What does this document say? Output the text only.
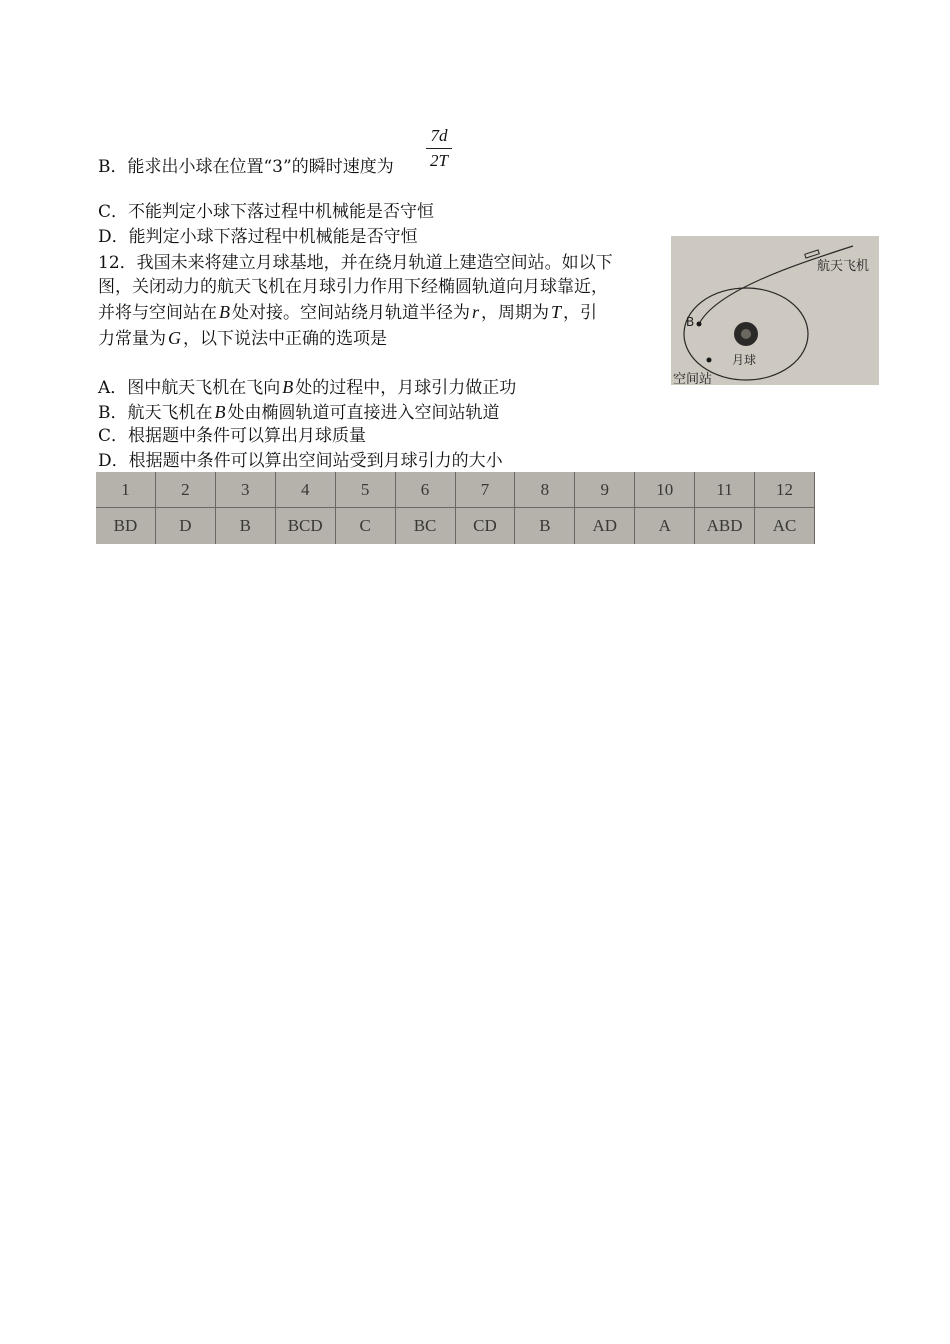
7d
2T
B．能求出小球在位置“3”的瞬时速度为
C．不能判定小球下落过程中机械能是否守恒
D．能判定小球下落过程中机械能是否守恒
12．我国未来将建立月球基地，并在绕月轨道上建造空间站。如以下
图，关闭动力的航天飞机在月球引力作用下经椭圆轨道向月球靠近，
并将与空间站在 B 处对接。空间站绕月轨道半径为 r ，周期为 T ，引
力常量为 G ，以下说法中正确的选项是
A．图中航天飞机在飞向 B 处的过程中，月球引力做正功
B．航天飞机在 B 处由椭圆轨道可直接进入空间站轨道
C．根据题中条件可以算出月球质量
D．根据题中条件可以算出空间站受到月球引力的大小
航天飞机
B
月球
空间站
1	2	3	4	5	6	7	8	9	10	11	12
BD	D	B	BCD	C	BC	CD	B	AD	A	ABD	AC
